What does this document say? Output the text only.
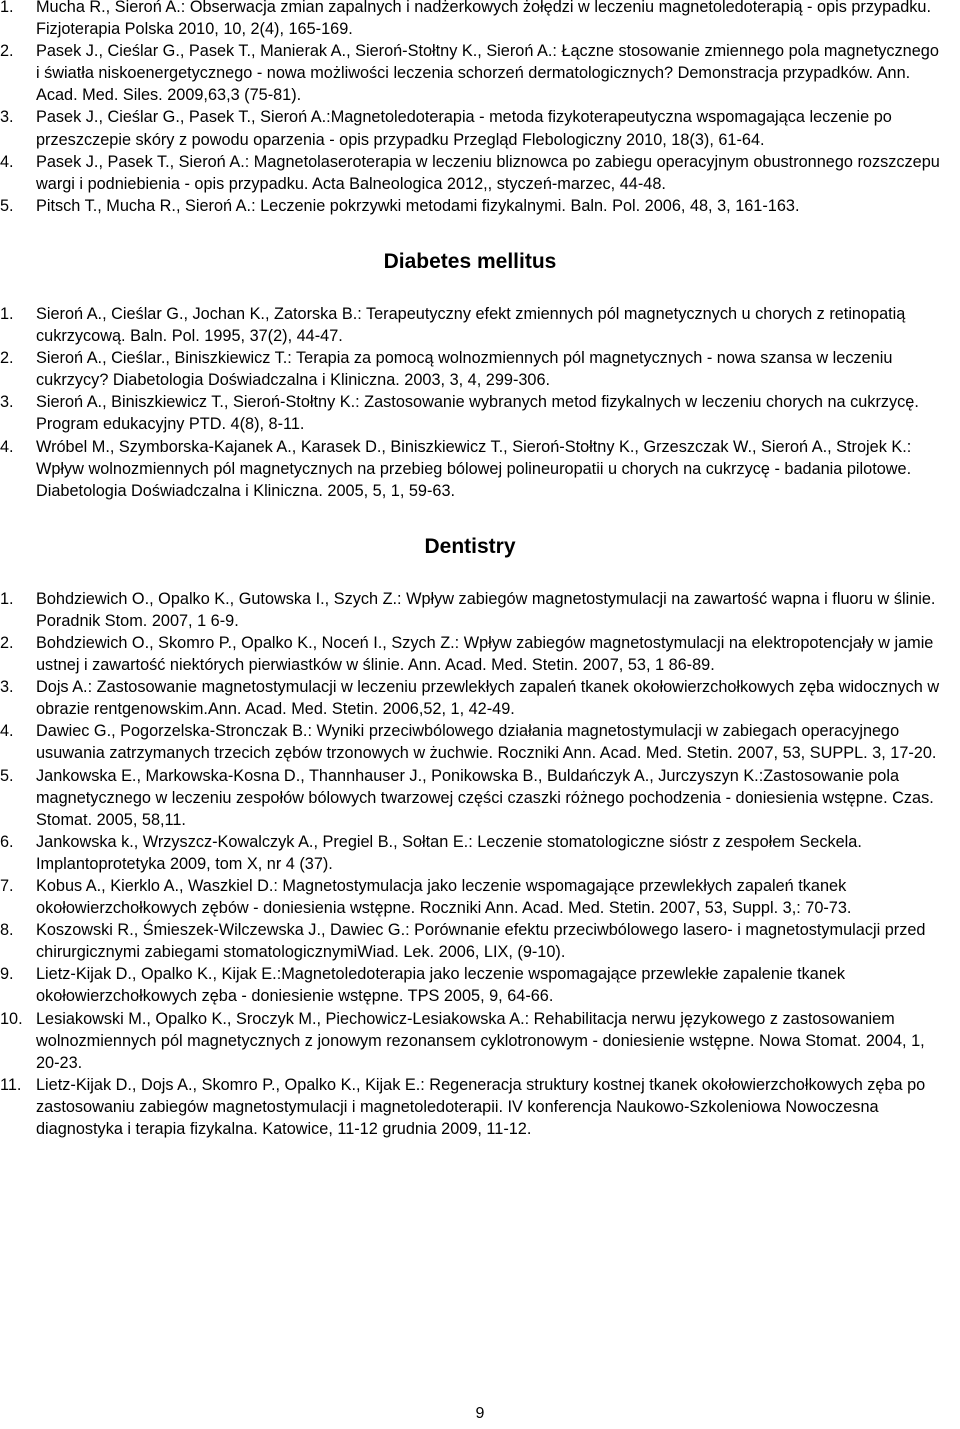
1. Mucha R., Sieroń A.: Obserwacja zmian zapalnych i nadżerkowych żołędzi w leczeniu magnetoledoterapią - opis przypadku. Fizjoterapia Polska 2010, 10, 2(4), 165-169.
2. Pasek J., Cieślar G., Pasek T., Manierak A., Sieroń-Stołtny K., Sieroń A.: Łączne stosowanie zmiennego pola magnetycznego i światła niskoenergetycznego - nowa możliwości leczenia schorzeń dermatologicznych? Demonstracja przypadków. Ann. Acad. Med. Siles. 2009,63,3 (75-81).
3. Pasek J., Cieślar G., Pasek T., Sieroń A.:Magnetoledoterapia - metoda fizykoterapeutyczna wspomagająca leczenie po przeszczepie skóry z powodu oparzenia - opis przypadku Przegląd Flebologiczny 2010, 18(3), 61-64.
4. Pasek J., Pasek T., Sieroń A.: Magnetolaseroterapia w leczeniu bliznowca po zabiegu operacyjnym obustronnego rozszczepu wargi i podniebienia - opis przypadku. Acta Balneologica 2012,, styczeń-marzec, 44-48.
5. Pitsch T., Mucha R., Sieroń A.: Leczenie pokrzywki metodami fizykalnymi. Baln. Pol. 2006, 48, 3, 161-163.
Diabetes mellitus
1. Sieroń A., Cieślar G., Jochan K., Zatorska B.: Terapeutyczny efekt zmiennych pól magnetycznych u chorych z retinopatią cukrzycową. Baln. Pol. 1995, 37(2), 44-47.
2. Sieroń A., Cieślar., Biniszkiewicz T.: Terapia za pomocą wolnozmiennych pól magnetycznych - nowa szansa w leczeniu cukrzycy? Diabetologia Doświadczalna i Kliniczna. 2003, 3, 4, 299-306.
3. Sieroń A., Biniszkiewicz T., Sieroń-Stołtny K.: Zastosowanie wybranych metod fizykalnych w leczeniu chorych na cukrzycę. Program edukacyjny PTD. 4(8), 8-11.
4. Wróbel M., Szymborska-Kajanek A., Karasek D., Biniszkiewicz T., Sieroń-Stołtny K., Grzeszczak W., Sieroń A., Strojek K.: Wpływ wolnozmiennych pól magnetycznych na przebieg bólowej polineuropatii u chorych na cukrzycę - badania pilotowe. Diabetologia Doświadczalna i Kliniczna. 2005, 5, 1, 59-63.
Dentistry
1. Bohdziewich O., Opalko K., Gutowska I., Szych Z.: Wpływ zabiegów magnetostymulacji na zawartość wapna i fluoru w ślinie. Poradnik Stom. 2007, 1 6-9.
2. Bohdziewich O., Skomro P., Opalko K., Noceń I., Szych Z.: Wpływ zabiegów magnetostymulacji na elektropotencjały w jamie ustnej i zawartość niektórych pierwiastków w ślinie. Ann. Acad. Med. Stetin. 2007, 53, 1 86-89.
3. Dojs A.: Zastosowanie magnetostymulacji w leczeniu przewlekłych zapaleń tkanek okołowierzchołkowych zęba widocznych w obrazie rentgenowskim.Ann. Acad. Med. Stetin. 2006,52, 1, 42-49.
4. Dawiec G., Pogorzelska-Stronczak B.: Wyniki przeciwbólowego działania magnetostymulacji w zabiegach operacyjnego usuwania zatrzymanych trzecich zębów trzonowych w żuchwie. Roczniki Ann. Acad. Med. Stetin. 2007, 53, SUPPL. 3, 17-20.
5. Jankowska E., Markowska-Kosna D., Thannhauser J., Ponikowska B., Buldańczyk A., Jurczyszyn K.:Zastosowanie pola magnetycznego w leczeniu zespołów bólowych twarzowej części czaszki różnego pochodzenia - doniesienia wstępne. Czas. Stomat. 2005, 58,11.
6. Jankowska k., Wrzyszcz-Kowalczyk A., Pregiel B., Sołtan E.: Leczenie stomatologiczne sióstr z zespołem Seckela. Implantoprotetyka 2009, tom X, nr 4 (37).
7. Kobus A., Kierklo A., Waszkiel D.: Magnetostymulacja jako leczenie wspomagające przewlekłych zapaleń tkanek okołowierzchołkowych zębów - doniesienia wstępne. Roczniki Ann. Acad. Med. Stetin. 2007, 53, Suppl. 3,: 70-73.
8. Koszowski R., Śmieszek-Wilczewska J., Dawiec G.: Porównanie efektu przeciwbólowego lasero- i magnetostymulacji przed chirurgicznymi zabiegami stomatologicznymiWiad. Lek. 2006, LIX, (9-10).
9. Lietz-Kijak D., Opalko K., Kijak E.:Magnetoledoterapia jako leczenie wspomagające przewlekłe zapalenie tkanek okołowierzchołkowych zęba - doniesienie wstępne. TPS 2005, 9, 64-66.
10. Lesiakowski M., Opalko K., Sroczyk M., Piechowicz-Lesiakowska A.: Rehabilitacja nerwu językowego z zastosowaniem wolnozmiennych pól magnetycznych z jonowym rezonansem cyklotronowym - doniesienie wstępne. Nowa Stomat. 2004, 1, 20-23.
11. Lietz-Kijak D., Dojs A., Skomro P., Opalko K., Kijak E.: Regeneracja struktury kostnej tkanek okołowierzchołkowych zęba po zastosowaniu zabiegów magnetostymulacji i magnetoledoterapii. IV konferencja Naukowo-Szkoleniowa Nowoczesna diagnostyka i terapia fizykalna. Katowice, 11-12 grudnia 2009, 11-12.
9
